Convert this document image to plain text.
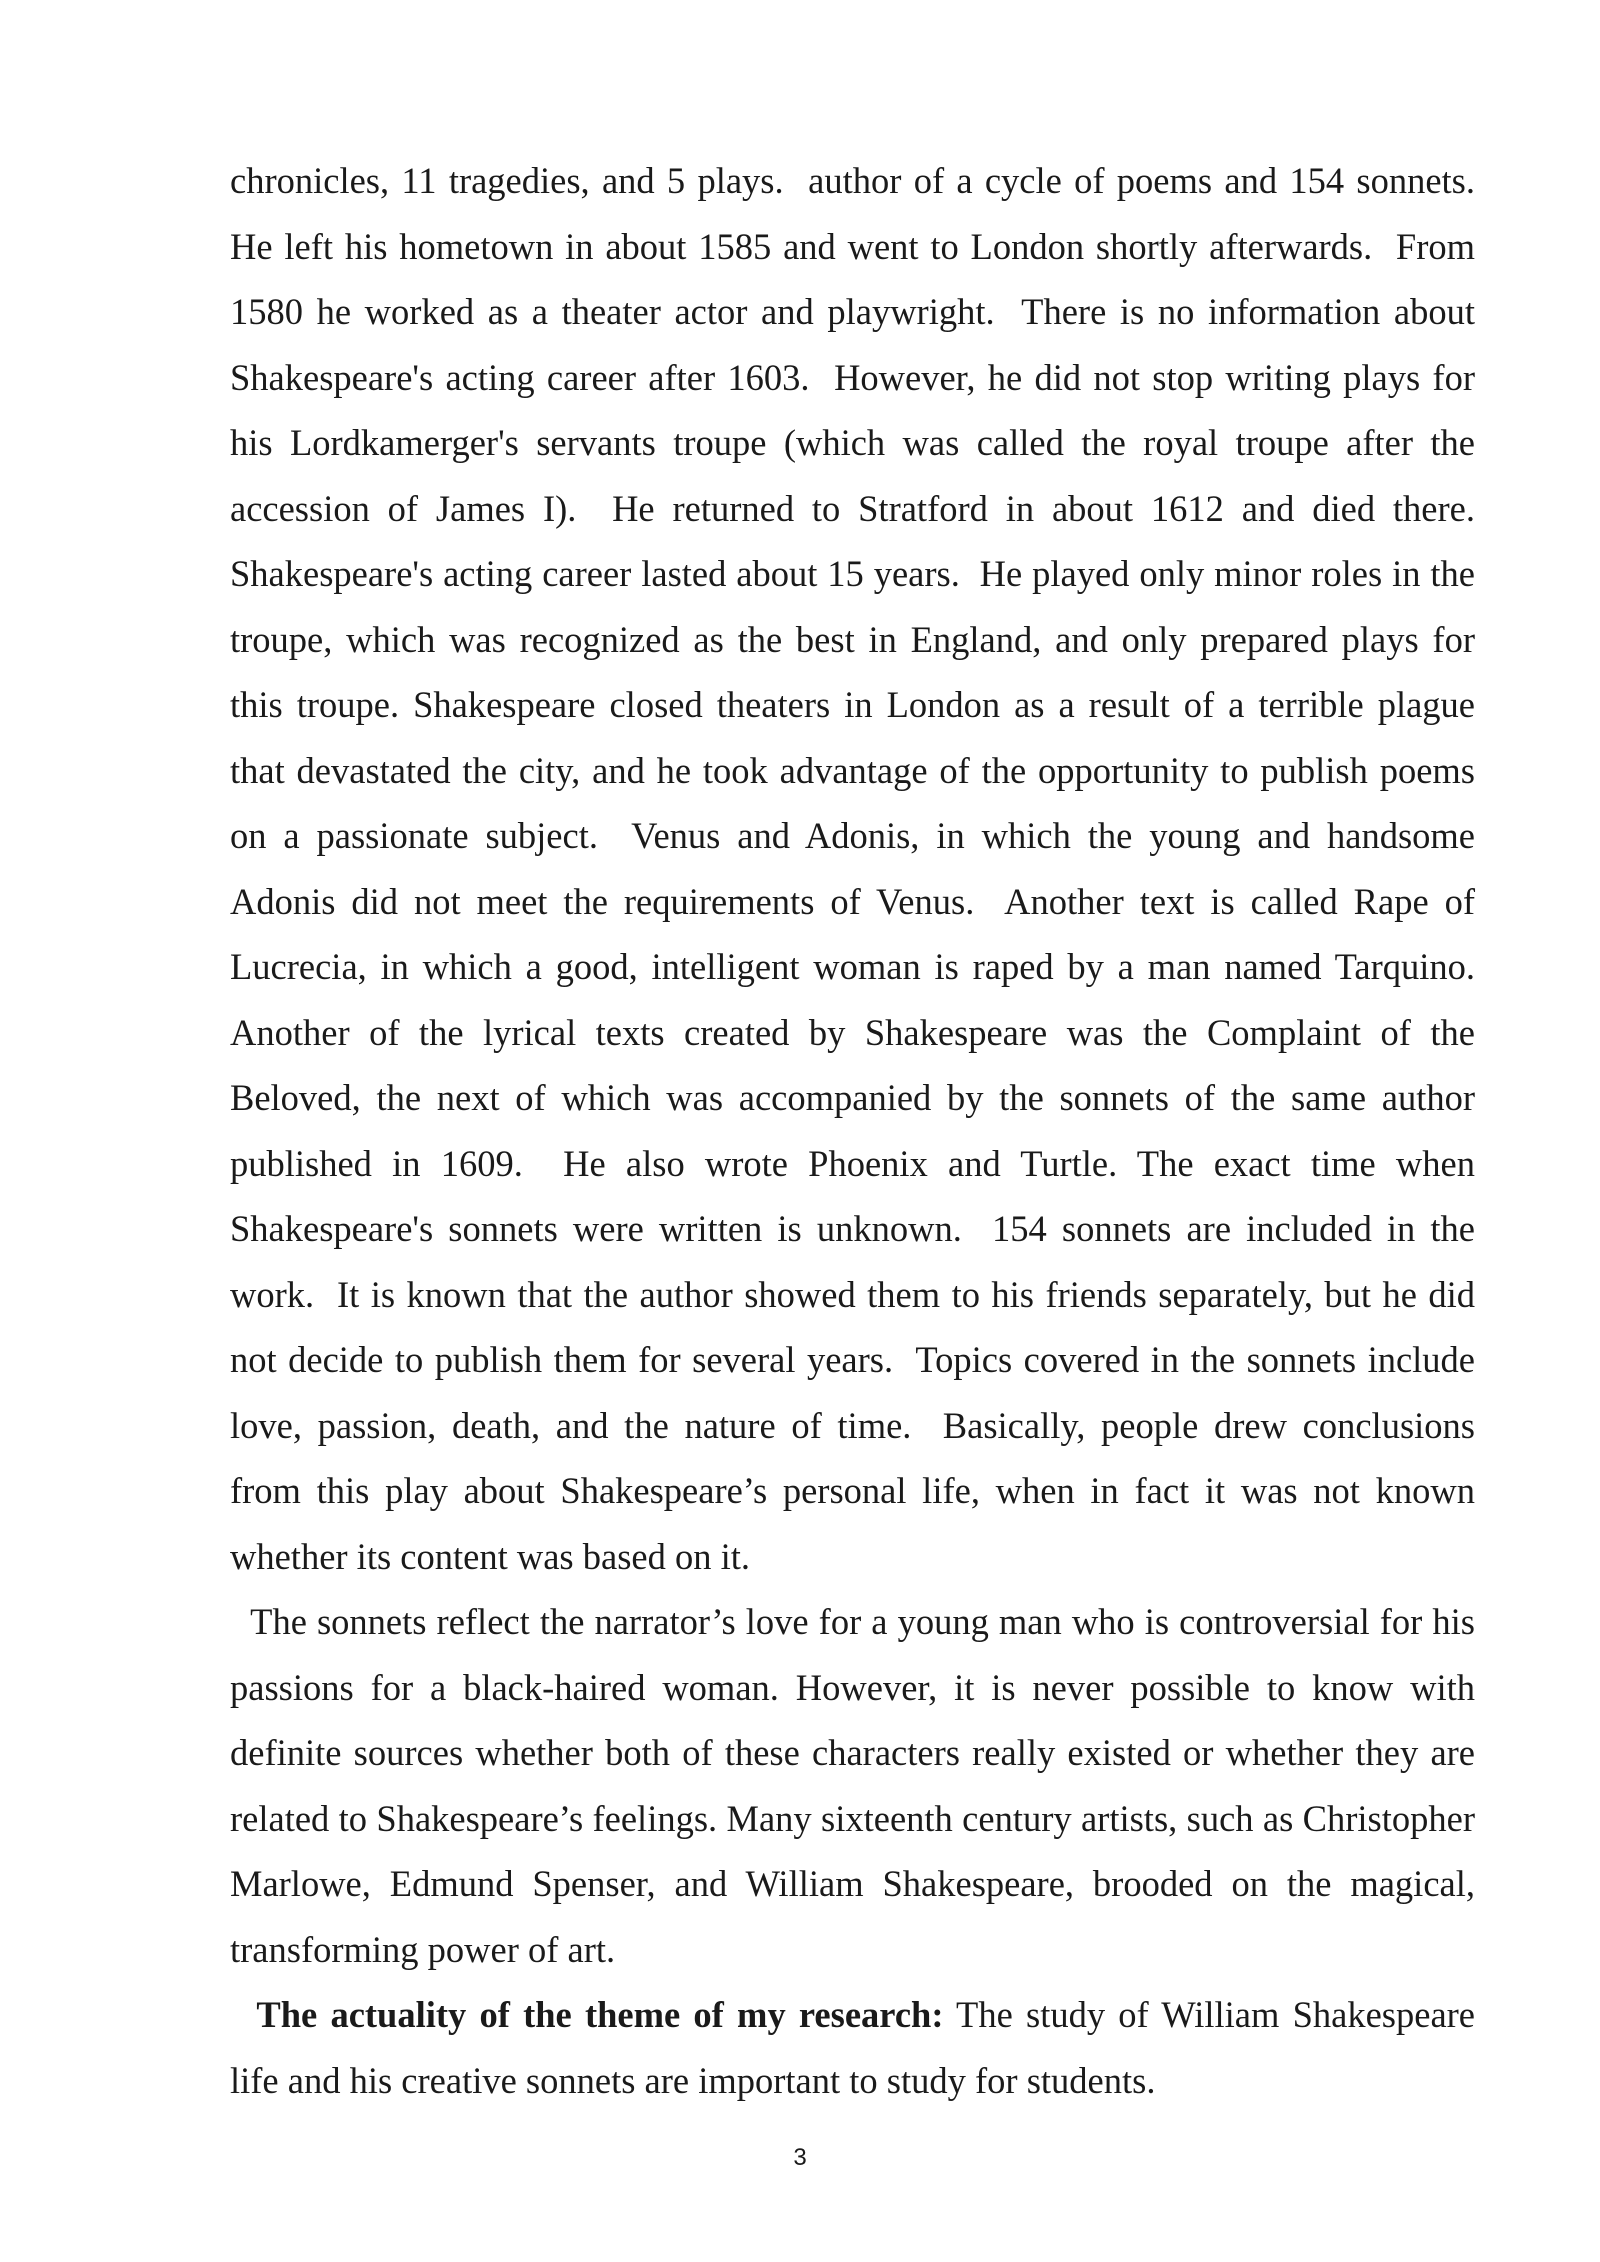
chronicles, 11 tragedies, and 5 plays.  author of a cycle of poems and 154 sonnets. He left his hometown in about 1585 and went to London shortly afterwards.  From 1580 he worked as a theater actor and playwright.  There is no information about Shakespeare's acting career after 1603.  However, he did not stop writing plays for his Lordkamerger's servants troupe (which was called the royal troupe after the accession of James I).  He returned to Stratford in about 1612 and died there. Shakespeare's acting career lasted about 15 years.  He played only minor roles in the troupe, which was recognized as the best in England, and only prepared plays for this troupe. Shakespeare closed theaters in London as a result of a terrible plague that devastated the city, and he took advantage of the opportunity to publish poems on a passionate subject.  Venus and Adonis, in which the young and handsome Adonis did not meet the requirements of Venus.  Another text is called Rape of Lucrecia, in which a good, intelligent woman is raped by a man named Tarquino. Another of the lyrical texts created by Shakespeare was the Complaint of the Beloved, the next of which was accompanied by the sonnets of the same author published in 1609.  He also wrote Phoenix and Turtle. The exact time when Shakespeare's sonnets were written is unknown.  154 sonnets are included in the work.  It is known that the author showed them to his friends separately, but he did not decide to publish them for several years.  Topics covered in the sonnets include love, passion, death, and the nature of time.  Basically, people drew conclusions from this play about Shakespeare’s personal life, when in fact it was not known whether its content was based on it.

The sonnets reflect the narrator’s love for a young man who is controversial for his passions for a black-haired woman. However, it is never possible to know with definite sources whether both of these characters really existed or whether they are related to Shakespeare’s feelings. Many sixteenth century artists, such as Christopher Marlowe, Edmund Spenser, and William Shakespeare, brooded on the magical, transforming power of art.

The actuality of the theme of my research: The study of William Shakespeare life and his creative sonnets are important to study for students.

3
